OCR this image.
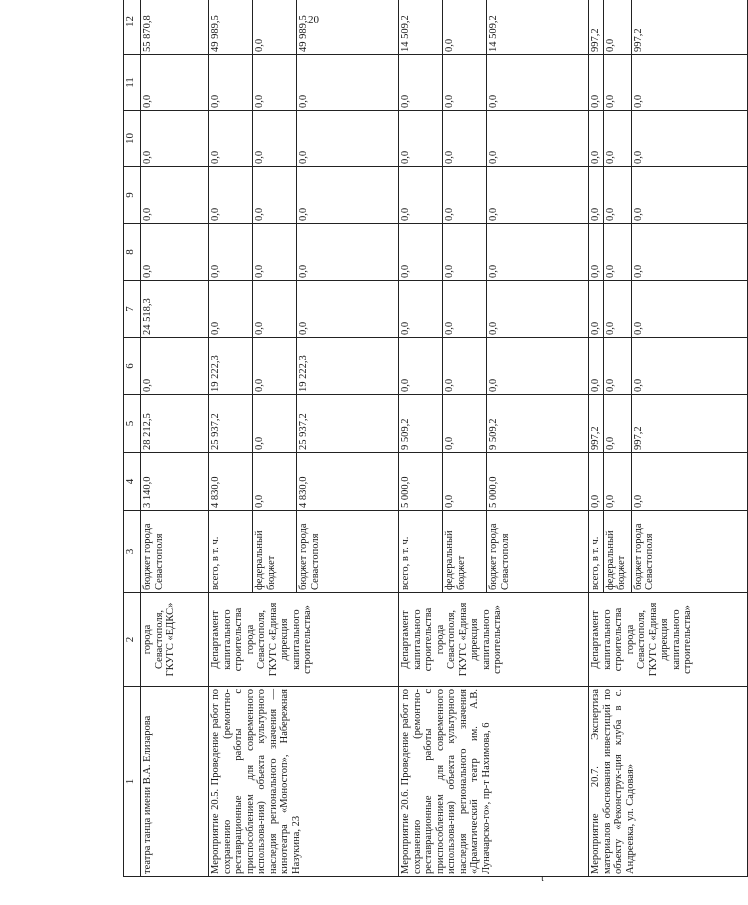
20
1	2	3	4	5	6	7	8	9	10	11	12
театра танца имени В.А. Елизарова	города Севастополя, ГКУГС «ЕДКС»	бюджет города Севастополя	3 140,0	28 212,5	0,0	24 518,3	0,0	0,0	0,0	0,0	55 870,8
Мероприятие 20.5. Проведение работ по сохранению (ремонтно-реставрационные работы с приспособлением для современного использова-ния) объекта культурного наследия регионального значения — кинотеатра «Моностоп», Набережная Назукина, 23	Департамент капитального строительства города Севастополя, ГКУГС «Единая дирекция капитального строительства»	всего, в т. ч.	4 830,0	25 937,2	19 222,3	0,0	0,0	0,0	0,0	0,0	49 989,5
		федеральный бюджет	0,0	0,0	0,0	0,0	0,0	0,0	0,0	0,0	0,0
		бюджет города Севастополя	4 830,0	25 937,2	19 222,3	0,0	0,0	0,0	0,0	0,0	49 989,5
Мероприятие 20.6. Проведение работ по сохранению (ремонтно-реставрационные работы с приспособлением для современного использова-ния) объекта культурного наследия регионального значения «Драматический театр им. А.В. Луначарско-го», пр-т Нахимова, 6	Департамент капитального строительства города Севастополя, ГКУГС «Единая дирекция капитального строительства»	всего, в т. ч.	5 000,0	9 509,2	0,0	0,0	0,0	0,0	0,0	0,0	14 509,2
		федеральный бюджет	0,0	0,0	0,0	0,0	0,0	0,0	0,0	0,0	0,0
		бюджет города Севастополя	5 000,0	9 509,2	0,0	0,0	0,0	0,0	0,0	0,0	14 509,2
Мероприятие 20.7. Экспертиза материалов обоснования инвестиций по объекту «Реконструк-ция клуба в с. Андреевка, ул. Садовая»	Департамент капитального строительства города Севастополя, ГКУГС «Единая дирекция капитального строительства»	всего, в т. ч.	0,0	997,2	0,0	0,0	0,0	0,0	0,0	0,0	997,2
		федеральный бюджет	0,0	0,0	0,0	0,0	0,0	0,0	0,0	0,0	0,0
		бюджет города Севастополя	0,0	997,2	0,0	0,0	0,0	0,0	0,0	0,0	997,2
ι
